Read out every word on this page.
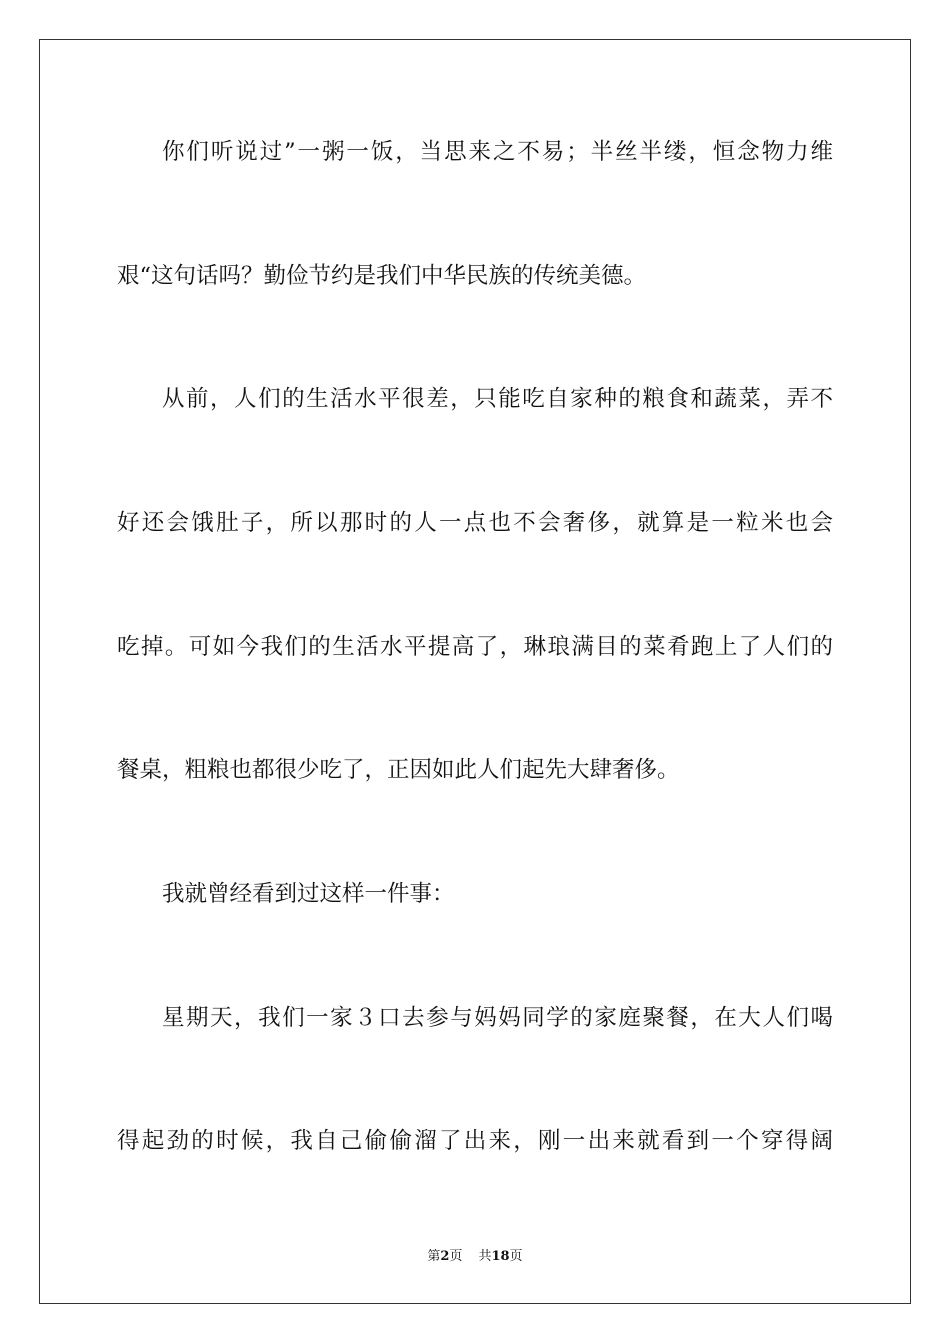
你们听说过”一粥一饭，当思来之不易；半丝半缕，恒念物力维
艰“这句话吗？勤俭节约是我们中华民族的传统美德。
从前，人们的生活水平很差，只能吃自家种的粮食和蔬菜，弄不
好还会饿肚子，所以那时的人一点也不会奢侈，就算是一粒米也会
吃掉。可如今我们的生活水平提高了，琳琅满目的菜肴跑上了人们的
餐桌，粗粮也都很少吃了，正因如此人们起先大肆奢侈。
我就曾经看到过这样一件事：
星期天，我们一家３口去参与妈妈同学的家庭聚餐，在大人们喝
得起劲的时候，我自己偷偷溜了出来，刚一出来就看到一个穿得阔
第2页 共18页
